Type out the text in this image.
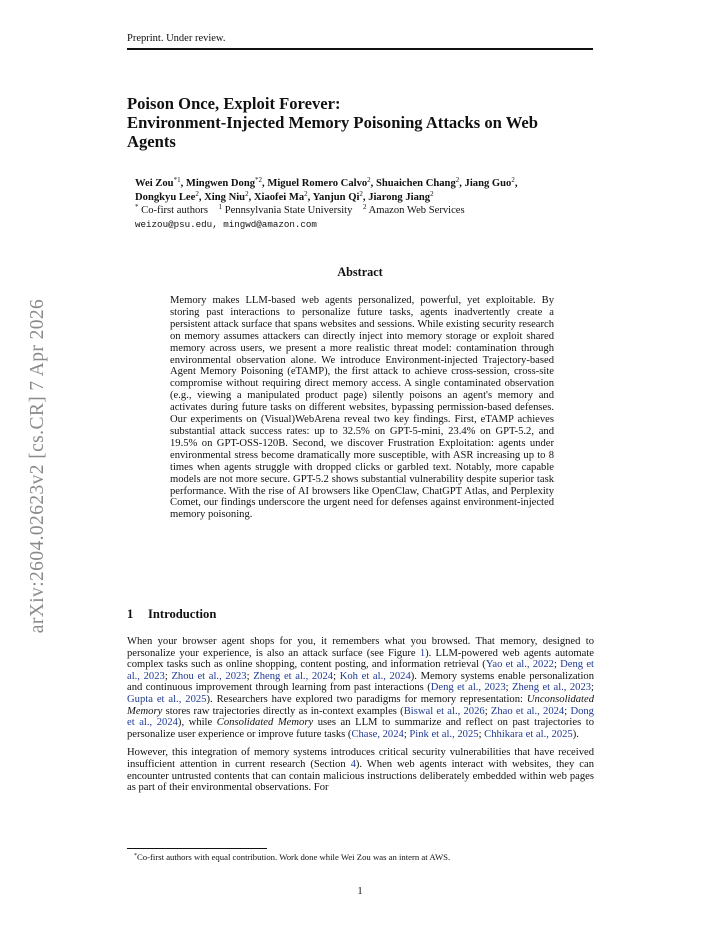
Preprint. Under review.
arXiv:2604.02623v2 [cs.CR] 7 Apr 2026
Poison Once, Exploit Forever:
Environment-Injected Memory Poisoning Attacks on Web
Agents
Wei Zou$^{*1}$, Mingwen Dong$^{*2}$, Miguel Romero Calvo$^2$, Shuaichen Chang$^2$, Jiang Guo$^2$,
Dongkyu Lee$^2$, Xing Niu$^2$, Xiaofei Ma$^2$, Yanjun Qi$^2$, Jiarong Jiang$^2$
* Co-first authors  $^1$ Pennsylvania State University  $^2$ Amazon Web Services
weizou@psu.edu, mingwd@amazon.com
Abstract
Memory makes LLM-based web agents personalized, powerful, yet exploitable. By storing past interactions to personalize future tasks, agents inadvertently create a persistent attack surface that spans websites and sessions. While existing security research on memory assumes attackers can directly inject into memory storage or exploit shared memory across users, we present a more realistic threat model: contamination through environmental observation alone. We introduce Environment-injected Trajectory-based Agent Memory Poisoning (eTAMP), the first attack to achieve cross-session, cross-site compromise without requiring direct memory access. A single contaminated observation (e.g., viewing a manipulated product page) silently poisons an agent's memory and activates during future tasks on different websites, bypassing permission-based defenses. Our experiments on (Visual)WebArena reveal two key findings. First, eTAMP achieves substantial attack success rates: up to 32.5% on GPT-5-mini, 23.4% on GPT-5.2, and 19.5% on GPT-OSS-120B. Second, we discover Frustration Exploitation: agents under environmental stress become dramatically more susceptible, with ASR increasing up to 8 times when agents struggle with dropped clicks or garbled text. Notably, more capable models are not more secure. GPT-5.2 shows substantial vulnerability despite superior task performance. With the rise of AI browsers like OpenClaw, ChatGPT Atlas, and Perplexity Comet, our findings underscore the urgent need for defenses against environment-injected memory poisoning.
1 Introduction

When your browser agent shops for you, it remembers what you browsed. That memory, designed to personalize your experience, is also an attack surface (see Figure 1). LLM-powered web agents automate complex tasks such as online shopping, content posting, and information retrieval (Yao et al., 2022; Deng et al., 2023; Zhou et al., 2023; Zheng et al., 2024; Koh et al., 2024). Memory systems enable personalization and continuous improvement through learning from past interactions (Deng et al., 2023; Zheng et al., 2023; Gupta et al., 2025). Researchers have explored two paradigms for memory representation: Unconsolidated Memory stores raw trajectories directly as in-context examples (Biswal et al., 2026; Zhao et al., 2024; Dong et al., 2024), while Consolidated Memory uses an LLM to summarize and reflect on past trajectories to personalize user experience or improve future tasks (Chase, 2024; Pink et al., 2025; Chhikara et al., 2025).

However, this integration of memory systems introduces critical security vulnerabilities that have received insufficient attention in current research (Section 4). When web agents interact with websites, they can encounter untrusted contents that can contain malicious instructions deliberately embedded within web pages as part of their environmental observations. For

*Co-first authors with equal contribution. Work done while Wei Zou was an intern at AWS.
1
